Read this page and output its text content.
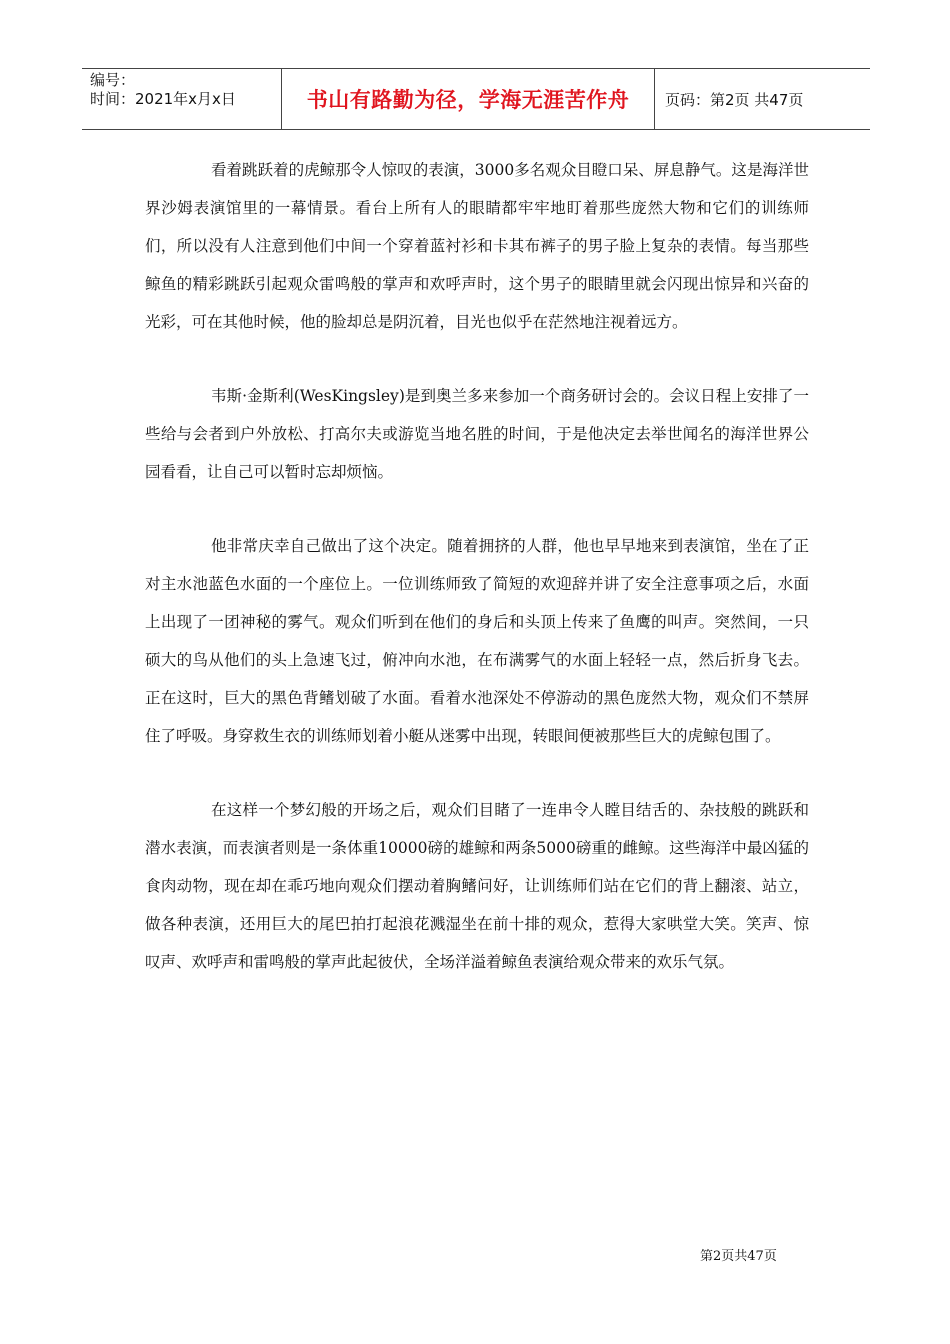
编号：
时间：2021年x月x日	书山有路勤为径，学海无涯苦作舟	页码：第2页 共47页

看着跳跃着的虎鲸那令人惊叹的表演，3000多名观众目瞪口呆、屏息静气。这是海洋世界沙姆表演馆里的一幕情景。看台上所有人的眼睛都牢牢地盯着那些庞然大物和它们的训练师们，所以没有人注意到他们中间一个穿着蓝衬衫和卡其布裤子的男子脸上复杂的表情。每当那些鲸鱼的精彩跳跃引起观众雷鸣般的掌声和欢呼声时，这个男子的眼睛里就会闪现出惊异和兴奋的光彩，可在其他时候，他的脸却总是阴沉着，目光也似乎在茫然地注视着远方。

韦斯·金斯利(WesKingsley)是到奥兰多来参加一个商务研讨会的。会议日程上安排了一些给与会者到户外放松、打高尔夫或游览当地名胜的时间，于是他决定去举世闻名的海洋世界公园看看，让自己可以暂时忘却烦恼。

他非常庆幸自己做出了这个决定。随着拥挤的人群，他也早早地来到表演馆，坐在了正对主水池蓝色水面的一个座位上。一位训练师致了简短的欢迎辞并讲了安全注意事项之后，水面上出现了一团神秘的雾气。观众们听到在他们的身后和头顶上传来了鱼鹰的叫声。突然间，一只硕大的鸟从他们的头上急速飞过，俯冲向水池，在布满雾气的水面上轻轻一点，然后折身飞去。正在这时，巨大的黑色背鳍划破了水面。看着水池深处不停游动的黑色庞然大物，观众们不禁屏住了呼吸。身穿救生衣的训练师划着小艇从迷雾中出现，转眼间便被那些巨大的虎鲸包围了。

在这样一个梦幻般的开场之后，观众们目睹了一连串令人瞠目结舌的、杂技般的跳跃和潜水表演，而表演者则是一条体重10000磅的雄鲸和两条5000磅重的雌鲸。这些海洋中最凶猛的食肉动物，现在却在乖巧地向观众们摆动着胸鳍问好，让训练师们站在它们的背上翻滚、站立，做各种表演，还用巨大的尾巴拍打起浪花溅湿坐在前十排的观众，惹得大家哄堂大笑。笑声、惊叹声、欢呼声和雷鸣般的掌声此起彼伏，全场洋溢着鲸鱼表演给观众带来的欢乐气氛。

第2页共47页
